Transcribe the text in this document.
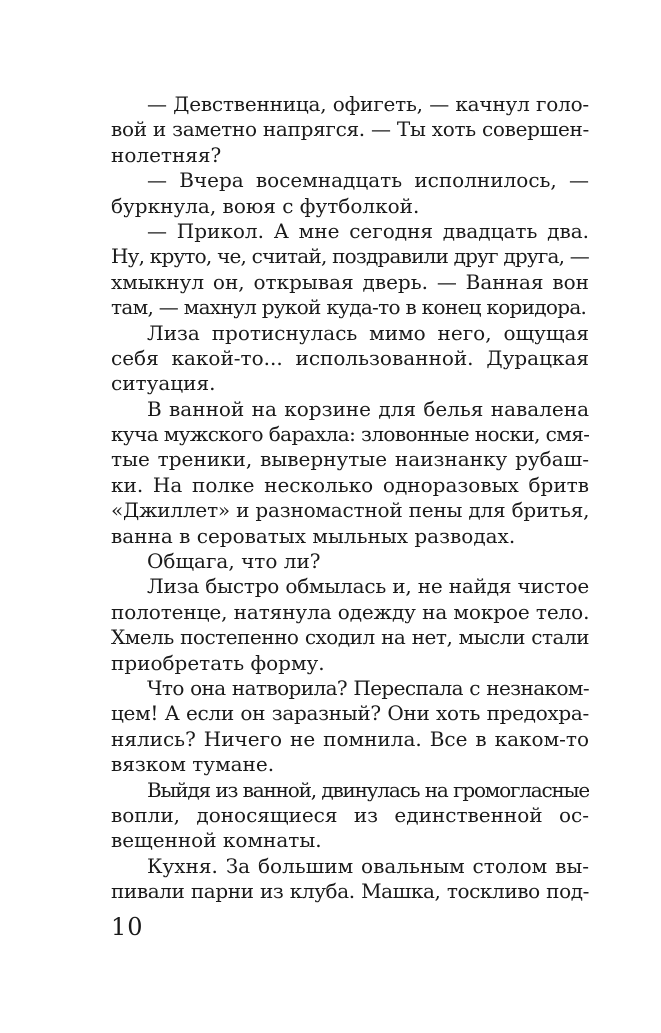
— Девственница, офигеть, — качнул голо-
вой и заметно напрягся. — Ты хоть совершен-
нолетняя?
— Вчера восемнадцать исполнилось, —
буркнула, воюя с футболкой.
— Прикол. А мне сегодня двадцать два.
Ну, круто, че, считай, поздравили друг друга, —
хмыкнул он, открывая дверь. — Ванная вон
там, — махнул рукой куда-то в конец коридора.
Лиза протиснулась мимо него, ощущая
себя какой-то... использованной. Дурацкая
ситуация.
В ванной на корзине для белья навалена
куча мужского барахла: зловонные носки, смя-
тые треники, вывернутые наизнанку рубаш-
ки. На полке несколько одноразовых бритв
«Джиллет» и разномастной пены для бритья,
ванна в сероватых мыльных разводах.
Общага, что ли?
Лиза быстро обмылась и, не найдя чистое
полотенце, натянула одежду на мокрое тело.
Хмель постепенно сходил на нет, мысли стали
приобретать форму.
Что она натворила? Переспала с незнаком-
цем! А если он заразный? Они хоть предохра-
нялись? Ничего не помнила. Все в каком-то
вязком тумане.
Выйдя из ванной, двинулась на громогласные
вопли, доносящиеся из единственной ос-
вещенной комнаты.
Кухня. За большим овальным столом вы-
пивали парни из клуба. Машка, тоскливо под-
10
